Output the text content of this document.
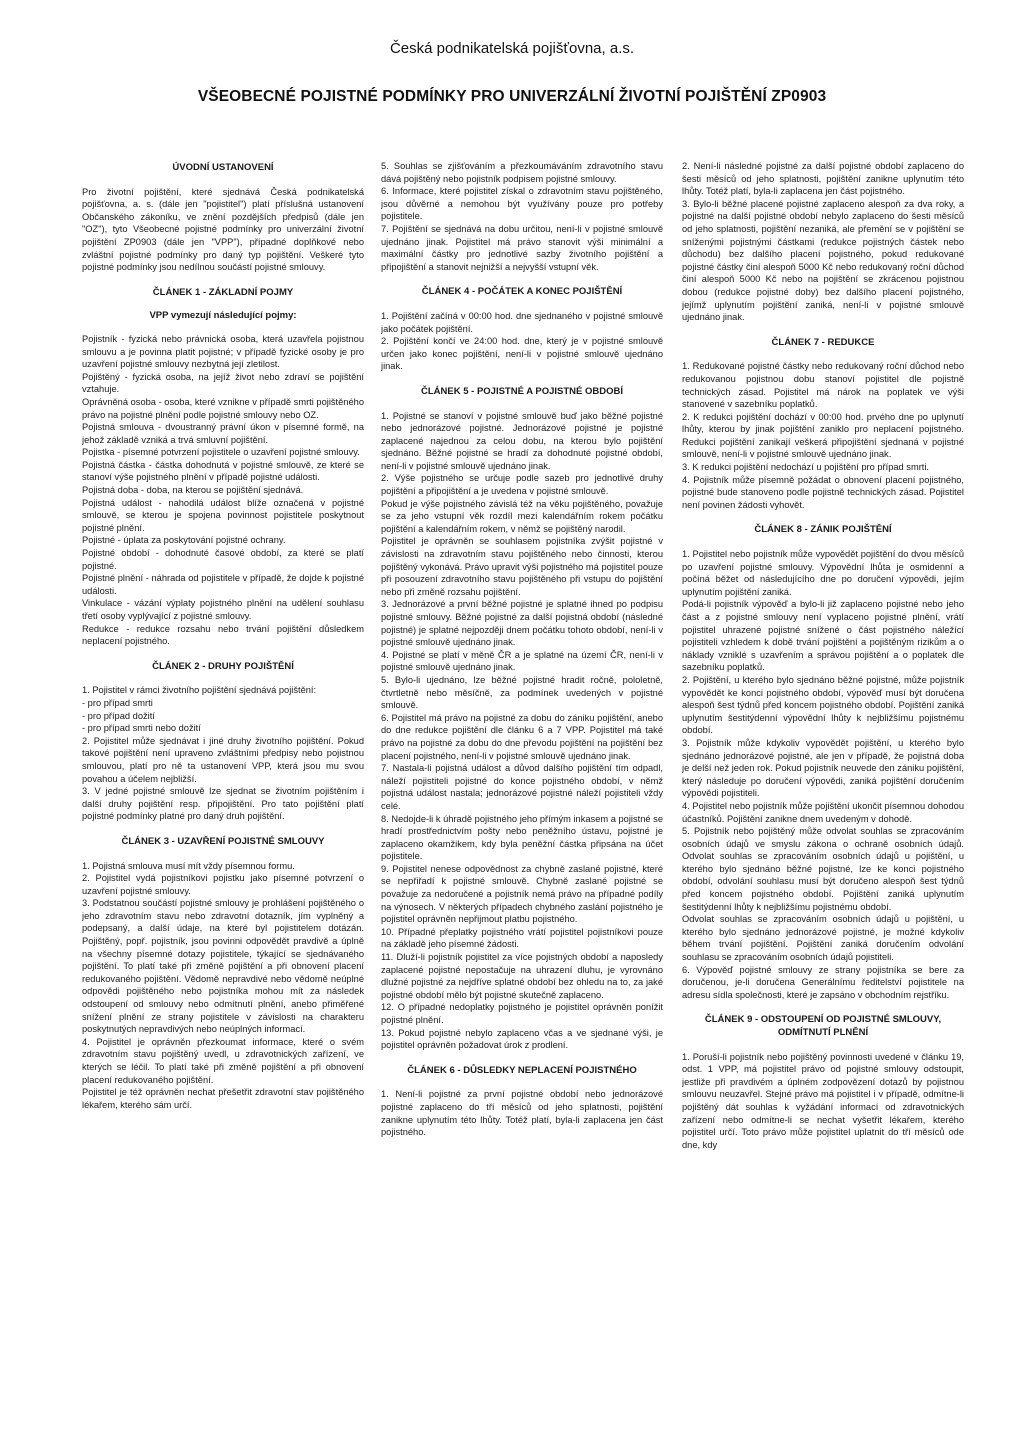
Česká podnikatelská pojišťovna, a.s.
VŠEOBECNÉ POJISTNÉ PODMÍNKY PRO UNIVERZÁLNÍ ŽIVOTNÍ POJIŠTĚNÍ ZP0903
ÚVODNÍ USTANOVENÍ
Pro životní pojištění, které sjednává Česká podnikatelská pojišťovna, a. s. (dále jen "pojistitel") platí příslušná ustanovení Občanského zákoníku, ve znění pozdějších předpisů (dále jen "OZ"), tyto Všeobecné pojistné podmínky pro univerzální životní pojištění ZP0903 (dále jen "VPP"), případné doplňkové nebo zvláštní pojistné podmínky pro daný typ pojištění. Veškeré tyto pojistné podmínky jsou nedílnou součástí pojistné smlouvy.
ČLÁNEK 1 - ZÁKLADNÍ POJMY
VPP vymezují následující pojmy:
Pojistník - fyzická nebo právnická osoba, která uzavřela pojistnou smlouvu a je povinna platit pojistné; v případě fyzické osoby je pro uzavření pojistné smlouvy nezbytná její zletilost.
Pojištěný - fyzická osoba, na jejíž život nebo zdraví se pojištění vztahuje.
Oprávněná osoba - osoba, které vznikne v případě smrti pojištěného právo na pojistné plnění podle pojistné smlouvy nebo OZ.
Pojistná smlouva - dvoustranný právní úkon v písemné formě, na jehož základě vzniká a trvá smluvní pojištění.
Pojistka - písemné potvrzení pojistitele o uzavření pojistné smlouvy.
Pojistná částka - částka dohodnutá v pojistné smlouvě, ze které se stanoví výše pojistného plnění v případě pojistné události.
Pojistná doba - doba, na kterou se pojištění sjednává.
Pojistná událost - nahodilá událost blíže označená v pojistné smlouvě, se kterou je spojena povinnost pojistitele poskytnout pojistné plnění.
Pojistné - úplata za poskytování pojistné ochrany.
Pojistné období - dohodnuté časové období, za které se platí pojistné.
Pojistné plnění - náhrada od pojistitele v případě, že dojde k pojistné události.
Vinkulace - vázání výplaty pojistného plnění na udělení souhlasu třetí osoby vyplývající z pojistné smlouvy.
Redukce - redukce rozsahu nebo trvání pojištění důsledkem neplacení pojistného.
ČLÁNEK 2 - DRUHY POJIŠTĚNÍ
1. Pojistitel v rámci životního pojištění sjednává pojištění:
- pro případ smrti
- pro případ dožití
- pro případ smrti nebo dožití
2. Pojistitel může sjednávat i jiné druhy životního pojištění. Pokud takové pojištění není upraveno zvláštními předpisy nebo pojistnou smlouvou, platí pro ně ta ustanovení VPP, která jsou mu svou povahou a účelem nejbližší.
3. V jedné pojistné smlouvě lze sjednat se životním pojištěním i další druhy pojištění resp. připojištění. Pro tato pojištění platí pojistné podmínky platné pro daný druh pojištění.
ČLÁNEK 3 - UZAVŘENÍ POJISTNÉ SMLOUVY
1. Pojistná smlouva musí mít vždy písemnou formu.
2. Pojistitel vydá pojistníkovi pojistku jako písemné potvrzení o uzavření pojistné smlouvy.
3. Podstatnou součástí pojistné smlouvy je prohlášení pojištěného o jeho zdravotním stavu nebo zdravotní dotazník, jím vyplněný a podepsaný, a další údaje, na které byl pojistitelem dotázán. Pojištěný, popř. pojistník, jsou povinni odpovědět pravdivě a úplně na všechny písemné dotazy pojistitele, týkající se sjednávaného pojištění. To platí také při změně pojištění a při obnovení placení redukovaného pojištění. Vědomě nepravdivé nebo vědomě neúplné odpovědi pojištěného nebo pojistníka mohou mít za následek odstoupení od smlouvy nebo odmítnutí plnění, anebo přiměřené snížení plnění ze strany pojistitele v závislosti na charakteru poskytnutých nepravdivých nebo neúplných informací.
4. Pojistitel je oprávněn přezkoumat informace, které o svém zdravotním stavu pojištěný uvedl, u zdravotnických zařízení, ve kterých se léčil. To platí také při změně pojištění a při obnovení placení redukovaného pojištění.
Pojistitel je též oprávněn nechat přešetřit zdravotní stav pojištěného lékařem, kterého sám určí.
5. Souhlas se zjišťováním a přezkoumáváním zdravotního stavu dává pojištěný nebo pojistník podpisem pojistné smlouvy.
6. Informace, které pojistitel získal o zdravotním stavu pojištěného, jsou důvěrné a nemohou být využívány pouze pro potřeby pojistitele.
7. Pojištění se sjednává na dobu určitou, není-li v pojistné smlouvě ujednáno jinak. Pojistitel má právo stanovit výši minimální a maximální částky pro jednotlivé sazby životního pojištění a připojištění a stanovit nejnižší a nejvyšší vstupní věk.
ČLÁNEK 4 - POČÁTEK A KONEC POJIŠTĚNÍ
1. Pojištění začíná v 00:00 hod. dne sjednaného v pojistné smlouvě jako počátek pojištění.
2. Pojištění končí ve 24:00 hod. dne, který je v pojistné smlouvě určen jako konec pojištění, není-li v pojistné smlouvě ujednáno jinak.
ČLÁNEK 5 - POJISTNÉ A POJISTNÉ OBDOBÍ
1. Pojistné se stanoví v pojistné smlouvě buď jako běžné pojistné nebo jednorázové pojistné. Jednorázové pojistné je pojistné zaplacené najednou za celou dobu, na kterou bylo pojištění sjednáno. Běžné pojistné se hradí za dohodnuté pojistné období, není-li v pojistné smlouvě ujednáno jinak.
2. Výše pojistného se určuje podle sazeb pro jednotlivé druhy pojištění a připojištění a je uvedena v pojistné smlouvě.
Pokud je výše pojistného závislá též na věku pojištěného, považuje se za jeho vstupní věk rozdíl mezi kalendářním rokem počátku pojištění a kalendářním rokem, v němž se pojištěný narodil.
Pojistitel je oprávněn se souhlasem pojistníka zvýšit pojistné v závislosti na zdravotním stavu pojištěného nebo činnosti, kterou pojištěný vykonává. Právo upravit výši pojistného má pojistitel pouze při posouzení zdravotního stavu pojištěného při vstupu do pojištění nebo při změně rozsahu pojištění.
3. Jednorázové a první běžné pojistné je splatné ihned po podpisu pojistné smlouvy. Běžné pojistné za další pojistná období (následné pojistné) je splatné nejpozději dnem počátku tohoto období, není-li v pojistné smlouvě ujednáno jinak.
4. Pojistné se platí v měně ČR a je splatné na území ČR, není-li v pojistné smlouvě ujednáno jinak.
5. Bylo-li ujednáno, lze běžné pojistné hradit ročně, pololetně, čtvrtletně nebo měsíčně, za podmínek uvedených v pojistné smlouvě.
6. Pojistitel má právo na pojistné za dobu do zániku pojištění, anebo do dne redukce pojištění dle článku 6 a 7 VPP. Pojistitel má také právo na pojistné za dobu do dne převodu pojištění na pojištění bez placení pojistného, není-li v pojistné smlouvě ujednáno jinak.
7. Nastala-li pojistná událost a důvod dalšího pojištění tím odpadl, náleží pojistiteli pojistné do konce pojistného období, v němž pojistná událost nastala; jednorázové pojistné náleží pojistiteli vždy celé.
8. Nedojde-li k úhradě pojistného jeho přímým inkasem a pojistné se hradí prostřednictvím pošty nebo peněžního ústavu, pojistné je zaplaceno okamžikem, kdy byla peněžní částka připsána na účet pojistitele.
9. Pojistitel nenese odpovědnost za chybně zaslané pojistné, které se nepřiřadí k pojistné smlouvě. Chybně zaslané pojistné se považuje za nedoručené a pojistník nemá právo na případné podíly na výnosech. V některých případech chybného zaslání pojistného je pojistitel oprávněn nepřijmout platbu pojistného.
10. Případné přeplatky pojistného vrátí pojistitel pojistníkovi pouze na základě jeho písemné žádosti.
11. Dluží-li pojistník pojistitel za více pojistných období a naposledy zaplacené pojistné nepostačuje na uhrazení dluhu, je vyrovnáno dlužné pojistné za nejdříve splatné období bez ohledu na to, za jaké pojistné období mělo být pojistné skutečně zaplaceno.
12. O případné nedoplatky pojistného je pojistitel oprávněn ponížit pojistné plnění.
13. Pokud pojistné nebylo zaplaceno včas a ve sjednané výši, je pojistitel oprávněn požadovat úrok z prodlení.
ČLÁNEK 6 - DŮSLEDKY NEPLACENÍ POJISTNÉHO
1. Není-li pojistné za první pojistné období nebo jednorázové pojistné zaplaceno do tří měsíců od jeho splatnosti, pojištění zanikne uplynutím této lhůty. Totéž platí, byla-li zaplacena jen část pojistného.
2. Není-li následné pojistné za další pojistné období zaplaceno do šesti měsíců od jeho splatnosti, pojištění zanikne uplynutím této lhůty. Totéž platí, byla-li zaplacena jen část pojistného.
3. Bylo-li běžné placené pojistné zaplaceno alespoň za dva roky, a pojistné na další pojistné období nebylo zaplaceno do šesti měsíců od jeho splatnosti, pojištění nezaniká, ale přemění se v pojištění se sníženými pojistnými částkami (redukce pojistných částek nebo důchodu) bez dalšího placení pojistného, pokud redukované pojistné částky činí alespoň 5000 Kč nebo redukovaný roční důchod činí alespoň 5000 Kč nebo na pojištění se zkrácenou pojistnou dobou (redukce pojistné doby) bez dalšího placení pojistného, jejímž uplynutím pojištění zaniká, není-li v pojistné smlouvě ujednáno jinak.
ČLÁNEK 7 - REDUKCE
1. Redukované pojistné částky nebo redukovaný roční důchod nebo redukovanou pojistnou dobu stanoví pojistitel dle pojistně technických zásad. Pojistitel má nárok na poplatek ve výši stanovené v sazebníku poplatků.
2. K redukci pojištění dochází v 00:00 hod. prvého dne po uplynutí lhůty, kterou by jinak pojištění zaniklo pro neplacení pojistného. Redukci pojištění zanikají veškerá připojištění sjednaná v pojistné smlouvě, není-li v pojistné smlouvě ujednáno jinak.
3. K redukci pojištění nedochází u pojištění pro případ smrti.
4. Pojistník může písemně požádat o obnovení placení pojistného, pojistné bude stanoveno podle pojistně technických zásad. Pojistitel není povinen žádosti vyhovět.
ČLÁNEK 8 - ZÁNIK POJIŠTĚNÍ
1. Pojistitel nebo pojistník může vypovědět pojištění do dvou měsíců po uzavření pojistné smlouvy. Výpovědní lhůta je osmidenní a počíná běžet od následujícího dne po doručení výpovědi, jejím uplynutím pojištění zaniká.
Podá-li pojistník výpověď a bylo-li již zaplaceno pojistné nebo jeho část a z pojistné smlouvy není vyplaceno pojistné plnění, vrátí pojistitel uhrazené pojistné snížené o část pojistného náležící pojistiteli vzhledem k době trvání pojištění a pojištěným rizikům a o náklady vzniklé s uzavřením a správou pojištění a o poplatek dle sazebníku poplatků.
2. Pojištění, u kterého bylo sjednáno běžné pojistné, může pojistník vypovědět ke konci pojistného období, výpověď musí být doručena alespoň šest týdnů před koncem pojistného období. Pojištění zaniká uplynutím šestitýdenní výpovědní lhůty k nejbližšímu pojistnému období.
3. Pojistník může kdykoliv vypovědět pojištění, u kterého bylo sjednáno jednorázové pojistné, ale jen v případě, že pojistná doba je delší než jeden rok. Pokud pojistník neuvede den zániku pojištění, který následuje po doručení výpovědi, zaniká pojištění doručením výpovědi pojistiteli.
4. Pojistitel nebo pojistník může pojištění ukončit písemnou dohodou účastníků. Pojištění zanikne dnem uvedeným v dohodě.
5. Pojistník nebo pojištěný může odvolat souhlas se zpracováním osobních údajů ve smyslu zákona o ochraně osobních údajů. Odvolat souhlas se zpracováním osobních údajů u pojištění, u kterého bylo sjednáno běžné pojistné, lze ke konci pojistného období, odvolání souhlasu musí být doručeno alespoň šest týdnů před koncem pojistného období. Pojištění zaniká uplynutím šestitýdenní lhůty k nejbližšímu pojistnému období.
Odvolat souhlas se zpracováním osobních údajů u pojištění, u kterého bylo sjednáno jednorázové pojistné, je možné kdykoliv během trvání pojištění. Pojištění zaniká doručením odvolání souhlasu se zpracováním osobních údajů pojistiteli.
6. Výpověď pojistné smlouvy ze strany pojistníka se bere za doručenou, je-li doručena Generálnímu ředitelství pojistitele na adresu sídla společnosti, které je zapsáno v obchodním rejstříku.
ČLÁNEK 9 - ODSTOUPENÍ OD POJISTNÉ SMLOUVY, ODMÍTNUTÍ PLNĚNÍ
1. Poruší-li pojistník nebo pojištěný povinnosti uvedené v článku 19, odst. 1 VPP, má pojistitel právo od pojistné smlouvy odstoupit, jestliže při pravdivém a úplném zodpovězení dotazů by pojistnou smlouvu neuzavřel. Stejné právo má pojistitel i v případě, odmítne-li pojištěný dát souhlas k vyžádání informací od zdravotnických zařízení nebo odmítne-li se nechat vyšetřit lékařem, kterého pojistitel určí. Toto právo může pojistitel uplatnit do tří měsíců ode dne, kdy
